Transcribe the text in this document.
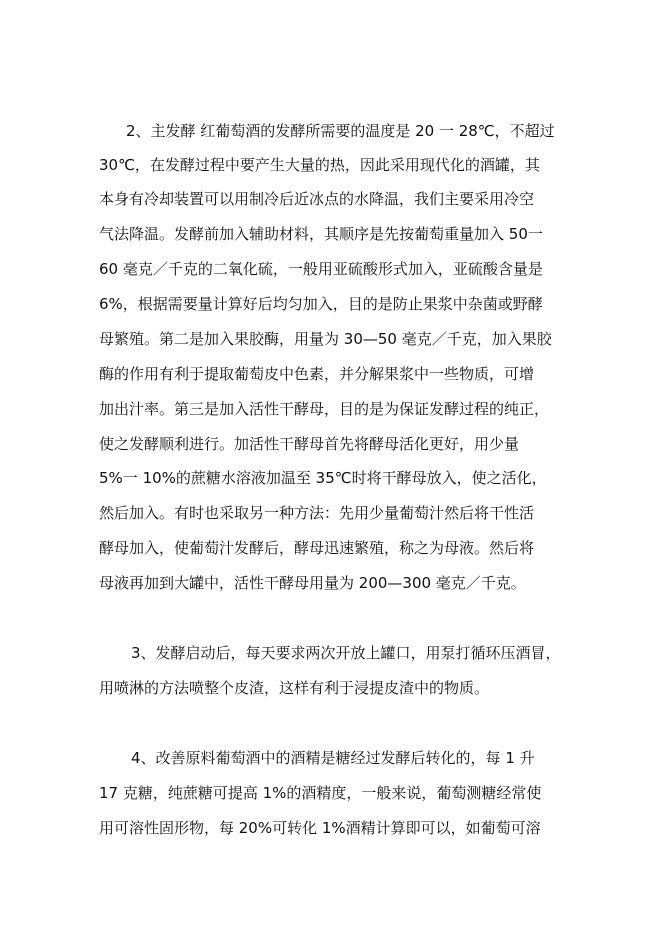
2、主发酵 红葡萄酒的发酵所需要的温度是 20 一 28℃，不超过
30℃，在发酵过程中要产生大量的热，因此采用现代化的酒罐，其
本身有冷却装置可以用制冷后近冰点的水降温，我们主要采用冷空
气法降温。发酵前加入辅助材料，其顺序是先按葡萄重量加入 50一
60 毫克／千克的二氧化硫，一般用亚硫酸形式加入，亚硫酸含量是
6%，根据需要量计算好后均匀加入，目的是防止果浆中杂菌或野酵
母繁殖。第二是加入果胶酶，用量为 30—50 毫克／千克，加入果胶
酶的作用有利于提取葡萄皮中色素，并分解果浆中一些物质，可增
加出汁率。第三是加入活性干酵母，目的是为保证发酵过程的纯正，
使之发酵顺利进行。加活性干酵母首先将酵母活化更好，用少量
5%一 10%的蔗糖水溶液加温至 35℃时将干酵母放入，使之活化，
然后加入。有时也采取另一种方法：先用少量葡萄汁然后将干性活
酵母加入，使葡萄汁发酵后，酵母迅速繁殖，称之为母液。然后将
母液再加到大罐中，活性干酵母用量为 200—300 毫克／千克。
3、发酵启动后，每天要求两次开放上罐口，用泵打循环压酒冒，
用喷淋的方法喷整个皮渣，这样有利于浸提皮渣中的物质。
4、改善原料葡萄酒中的酒精是糖经过发酵后转化的，每 1 升
17 克糖，纯蔗糖可提高 1%的酒精度，一般来说，葡萄测糖经常使
用可溶性固形物，每 20%可转化 1%酒精计算即可以，如葡萄可溶
